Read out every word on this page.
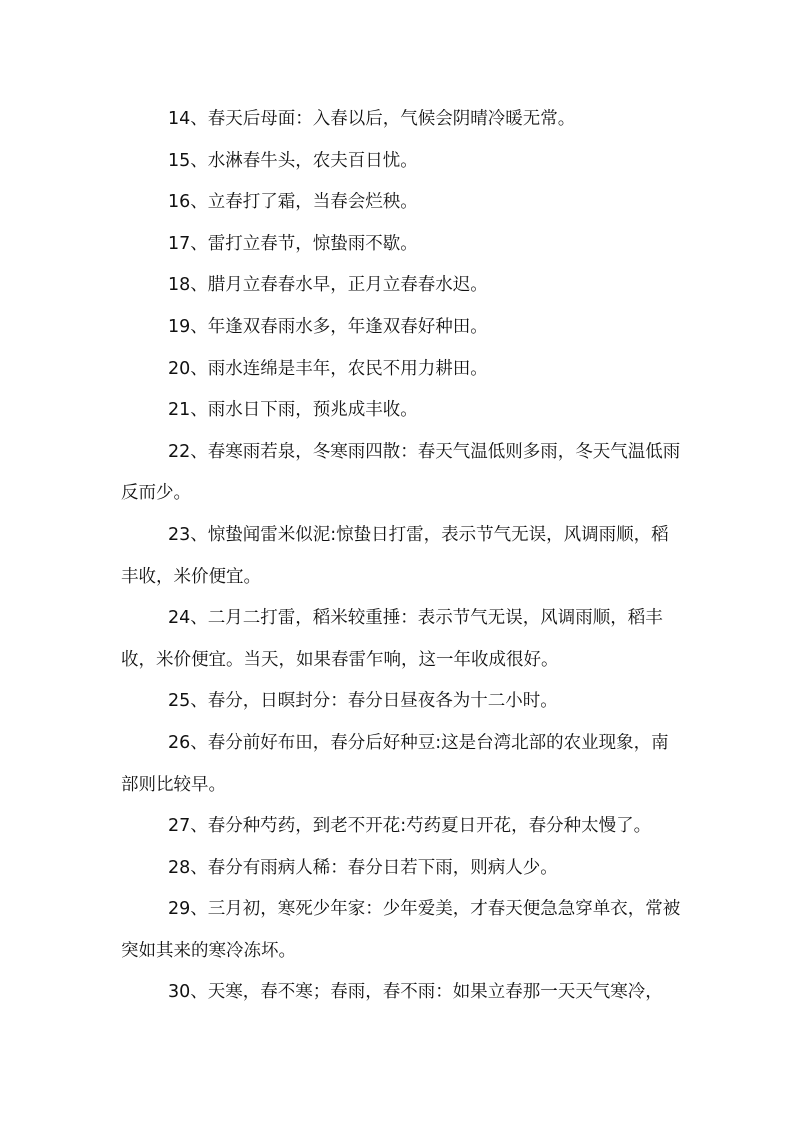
14、春天后母面：入春以后，气候会阴晴冷暖无常。

15、水淋春牛头，农夫百日忧。

16、立春打了霜，当春会烂秧。

17、雷打立春节，惊蛰雨不歇。

18、腊月立春春水早，正月立春春水迟。

19、年逢双春雨水多，年逢双春好种田。

20、雨水连绵是丰年，农民不用力耕田。

21、雨水日下雨，预兆成丰收。

22、春寒雨若泉，冬寒雨四散：春天气温低则多雨，冬天气温低雨反而少。

23、惊蛰闻雷米似泥:惊蛰日打雷，表示节气无误，风调雨顺，稻丰收，米价便宜。

24、二月二打雷，稻米较重捶：表示节气无误，风调雨顺，稻丰收，米价便宜。当天，如果春雷乍响，这一年收成很好。

25、春分，日暝封分：春分日昼夜各为十二小时。

26、春分前好布田，春分后好种豆:这是台湾北部的农业现象，南部则比较早。

27、春分种芍药，到老不开花:芍药夏日开花，春分种太慢了。

28、春分有雨病人稀：春分日若下雨，则病人少。

29、三月初，寒死少年家：少年爱美，才春天便急急穿单衣，常被突如其来的寒冷冻坏。

30、天寒，春不寒；春雨，春不雨：如果立春那一天天气寒冷，
